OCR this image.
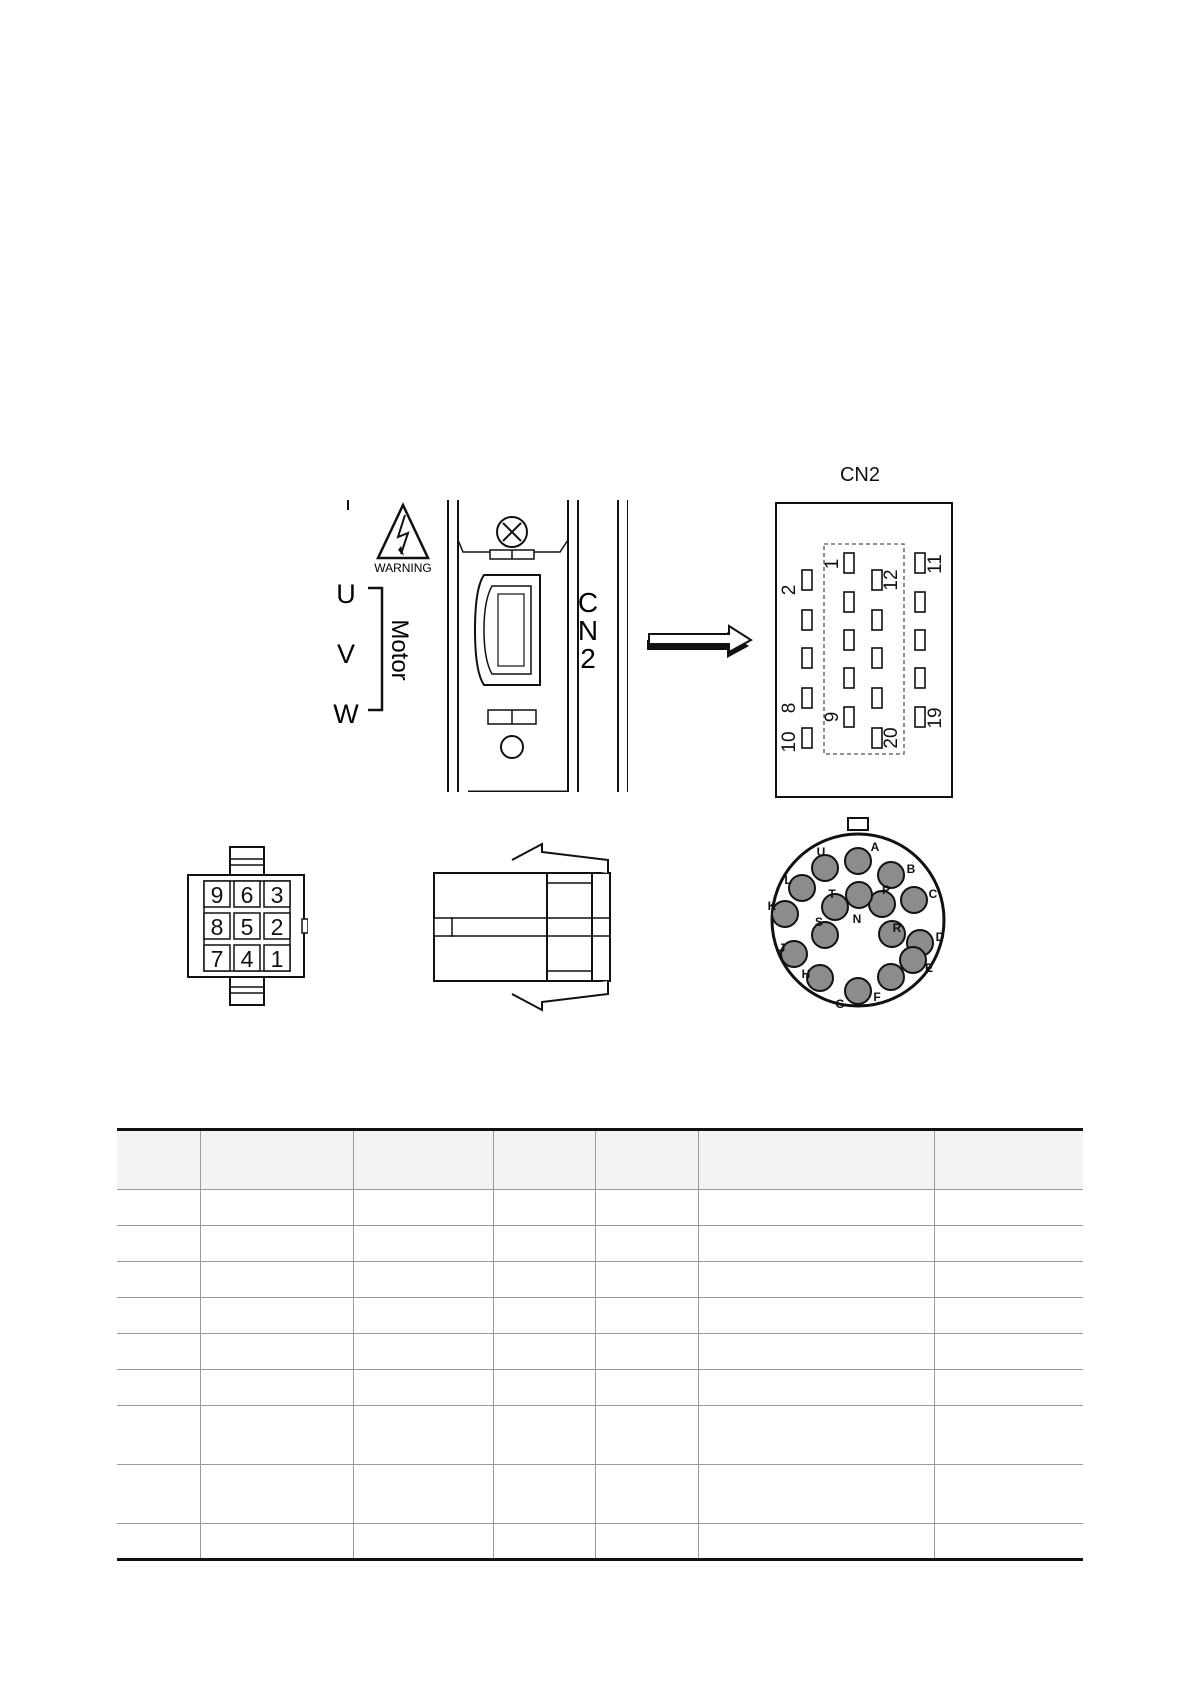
WARNING
U
V
W
Motor
C
N
2
CN2
2
8
10
1
9
12
20
11
19
9 6 3
8 5 2
7 4 1
U	A
L
B
T	P
K
C
N
S	R
D
J
E
H
G F
